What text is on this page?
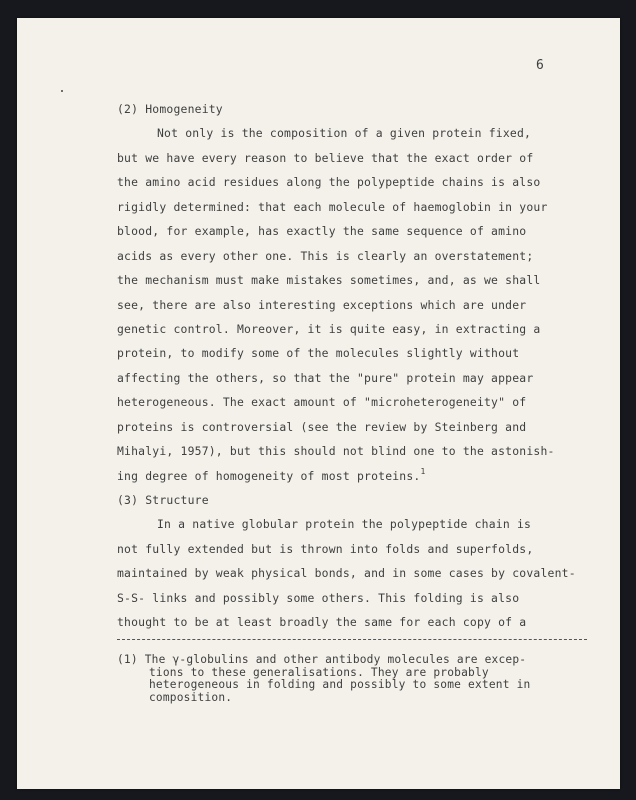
6
(2) Homogeneity
Not only is the composition of a given protein fixed,
but we have every reason to believe that the exact order of
the amino acid residues along the polypeptide chains is also
rigidly determined: that each molecule of haemoglobin in your
blood, for example, has exactly the same sequence of amino
acids as every other one. This is clearly an overstatement;
the mechanism must make mistakes sometimes, and, as we shall
see, there are also interesting exceptions which are under
genetic control. Moreover, it is quite easy, in extracting a
protein, to modify some of the molecules slightly without
affecting the others, so that the "pure" protein may appear
heterogeneous. The exact amount of "microheterogeneity" of
proteins is controversial (see the review by Steinberg and
Mihalyi, 1957), but this should not blind one to the astonish-
ing degree of homogeneity of most proteins.$^1$
(3) Structure
In a native globular protein the polypeptide chain is
not fully extended but is thrown into folds and superfolds,
maintained by weak physical bonds, and in some cases by covalent-
S-S- links and possibly some others. This folding is also
thought to be at least broadly the same for each copy of a
(1) The γ-globulins and other antibody molecules are excep-
tions to these generalisations. They are probably
heterogeneous in folding and possibly to some extent in
composition.
